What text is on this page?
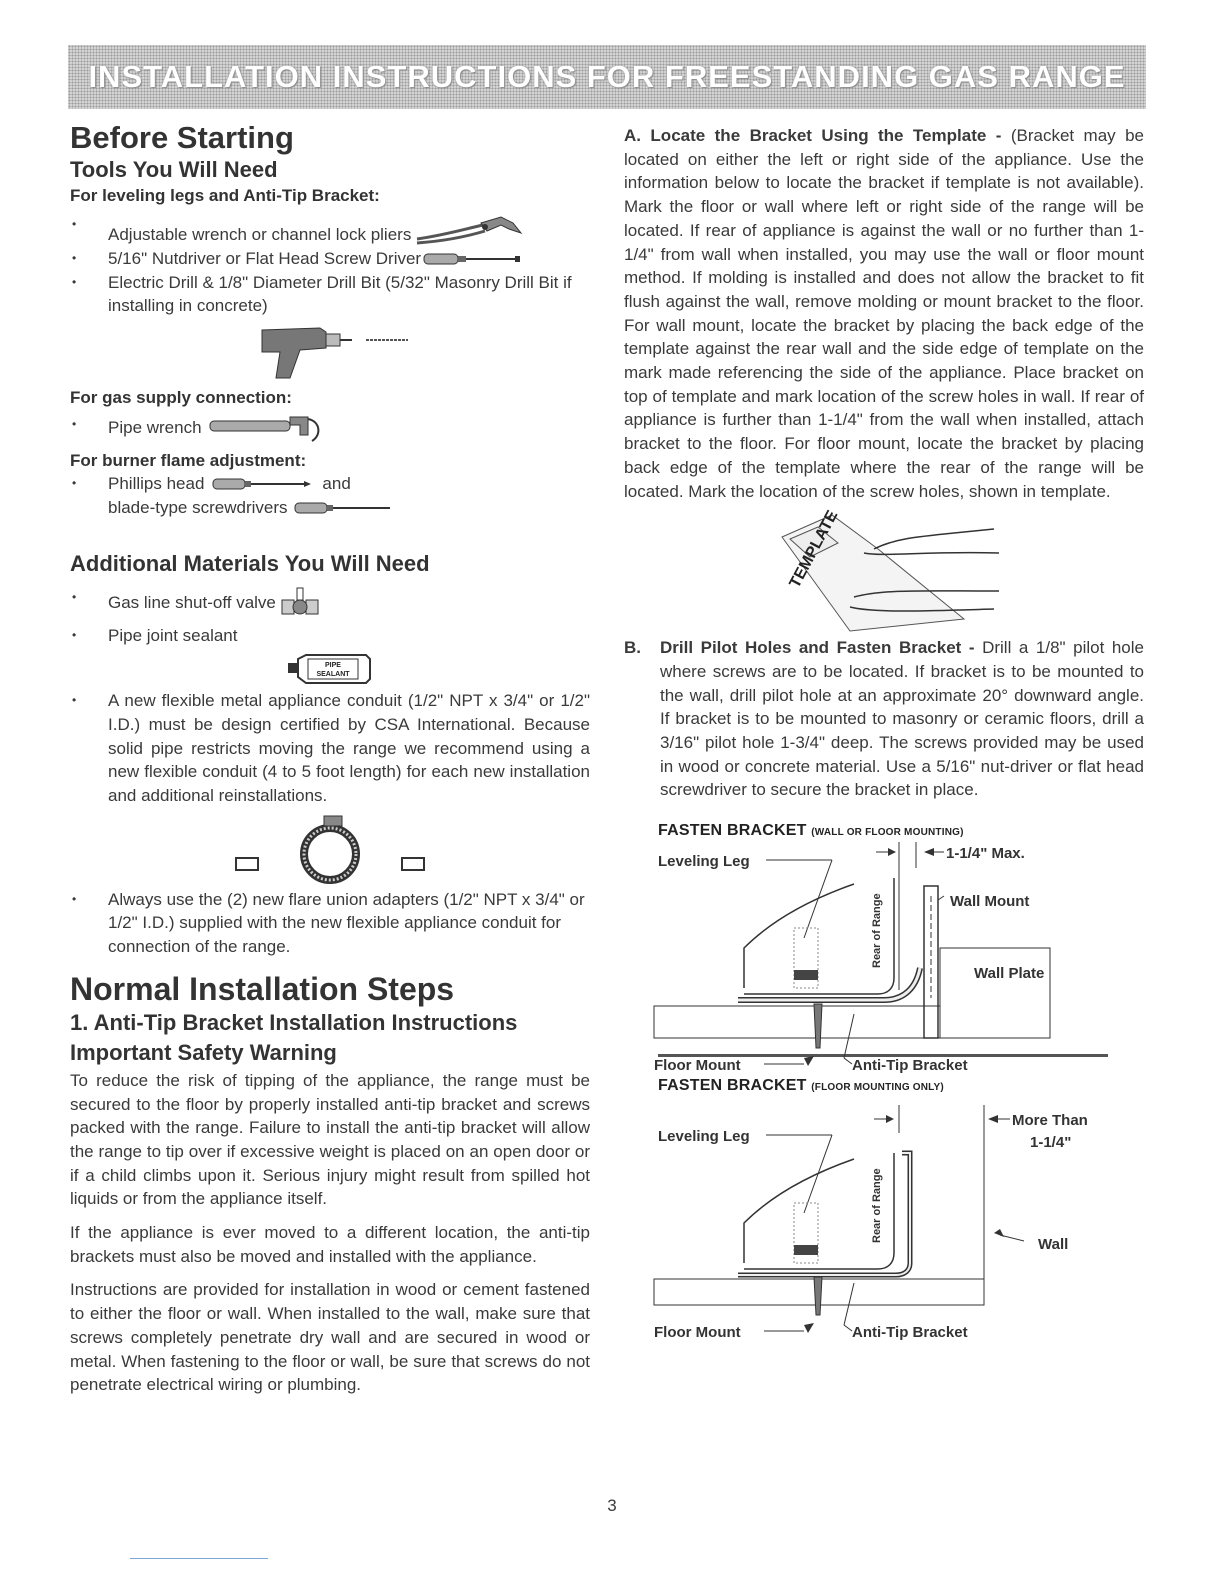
INSTALLATION INSTRUCTIONS FOR FREESTANDING GAS RANGE
Before Starting
Tools You Will Need
For leveling legs and Anti-Tip Bracket:
• Adjustable wrench or channel lock pliers
• 5/16" Nutdriver or Flat Head Screw Driver
• Electric Drill & 1/8" Diameter Drill Bit (5/32" Masonry Drill Bit if installing in concrete)
For gas supply connection:
• Pipe wrench
For burner flame adjustment:
• Phillips head	and
blade-type screwdrivers
Additional Materials You Will Need
• Gas line shut-off valve
• Pipe joint sealant
PIPE
SEALANT

• A new flexible metal appliance conduit (1/2" NPT x 3/4" or 1/2" I.D.) must be design certified by CSA International. Because solid pipe restricts moving the range we recommend using a new flexible conduit (4 to 5 foot length) for each new installation and additional reinstallations.

• Always use the (2) new flare union adapters (1/2" NPT x 3/4" or 1/2" I.D.) supplied with the new flexible appliance conduit for connection of the range.

Normal Installation Steps
1. Anti-Tip Bracket Installation Instructions
Important Safety Warning

To reduce the risk of tipping of the appliance, the range must be secured to the floor by properly installed anti-tip bracket and screws packed with the range. Failure to install the anti-tip bracket will allow the range to tip over if excessive weight is placed on an open door or if a child climbs upon it. Serious injury might result from spilled hot liquids or from the appliance itself.

If the appliance is ever moved to a different location, the anti-tip brackets must also be moved and installed with the appliance.

Instructions are provided for installation in wood or cement fastened to either the floor or wall. When installed to the wall, make sure that screws completely penetrate dry wall and are secured in wood or metal. When fastening to the floor or wall, be sure that screws do not penetrate electrical wiring or plumbing.

A. Locate the Bracket Using the Template - (Bracket may be located on either the left or right side of the appliance. Use the information below to locate the bracket if template is not available). Mark the floor or wall where left or right side of the range will be located. If rear of appliance is against the wall or no further than 1-1/4" from wall when installed, you may use the wall or floor mount method. If molding is installed and does not allow the bracket to fit flush against the wall, remove molding or mount bracket to the floor. For wall mount, locate the bracket by placing the back edge of the template against the rear wall and the side edge of template on the mark made referencing the side of the appliance. Place bracket on top of template and mark location of the screw holes in wall. If rear of appliance is further than 1-1/4" from the wall when installed, attach bracket to the floor. For floor mount, locate the bracket by placing back edge of the template where the rear of the range will be located. Mark the location of the screw holes, shown in template.

TEMPLATE
B.	Drill Pilot Holes and Fasten Bracket - Drill a 1/8" pilot hole where screws are to be located. If bracket is to be mounted to the wall, drill pilot hole at an approximate 20° downward angle. If bracket is to be mounted to masonry or ceramic floors, drill a 3/16" pilot hole 1-3/4" deep. The screws provided may be used in wood or concrete material. Use a 5/16" nut-driver or flat head screwdriver to secure the bracket in place.

FASTEN BRACKET (WALL OR FLOOR MOUNTING)
Leveling Leg	1-1/4" Max.
Rear of Range	Wall Mount
Wall Plate
Floor Mount	Anti-Tip Bracket
FASTEN BRACKET (FLOOR MOUNTING ONLY)
Leveling Leg
More Than
1-1/4"
Rear of Range
Wall
Floor Mount	Anti-Tip Bracket
3
